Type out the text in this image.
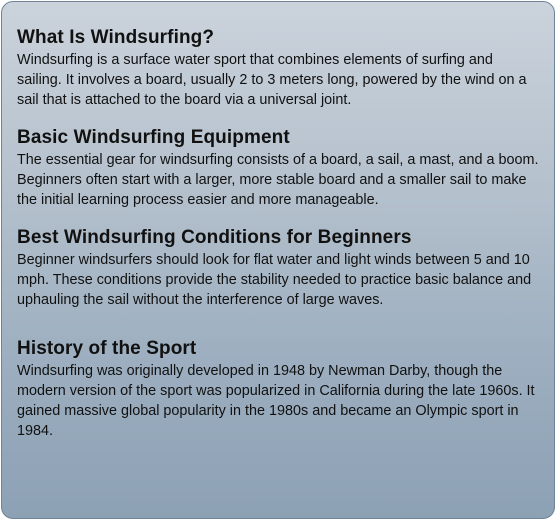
What Is Windsurfing?

Windsurfing is a surface water sport that combines elements of surfing and sailing. It involves a board, usually 2 to 3 meters long, powered by the wind on a sail that is attached to the board via a universal joint.

Basic Windsurfing Equipment

The essential gear for windsurfing consists of a board, a sail, a mast, and a boom. Beginners often start with a larger, more stable board and a smaller sail to make the initial learning process easier and more manageable.

Best Windsurfing Conditions for Beginners

Beginner windsurfers should look for flat water and light winds between 5 and 10 mph. These conditions provide the stability needed to practice basic balance and uphauling the sail without the interference of large waves.

History of the Sport

Windsurfing was originally developed in 1948 by Newman Darby, though the modern version of the sport was popularized in California during the late 1960s. It gained massive global popularity in the 1980s and became an Olympic sport in 1984.
